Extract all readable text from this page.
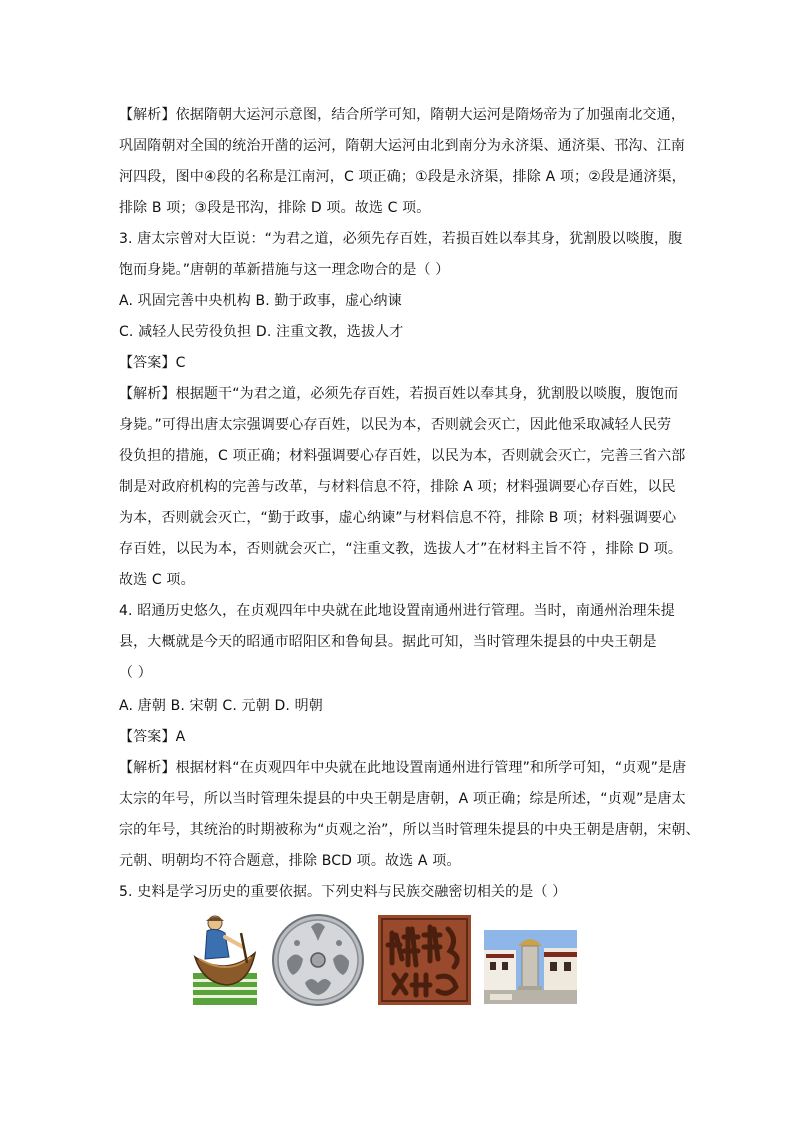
【解析】依据隋朝大运河示意图，结合所学可知，隋朝大运河是隋炀帝为了加强南北交通，
巩固隋朝对全国的统治开凿的运河，隋朝大运河由北到南分为永济渠、通济渠、邗沟、江南
河四段，图中④段的名称是江南河，C 项正确；①段是永济渠，排除 A 项；②段是通济渠，
排除 B 项；③段是邗沟，排除 D 项。故选 C 项。
3. 唐太宗曾对大臣说：“为君之道，必须先存百姓，若损百姓以奉其身，犹割股以啖腹，腹
饱而身毙。”唐朝的革新措施与这一理念吻合的是（ ）
A. 巩固完善中央机构 B. 勤于政事，虚心纳谏
C. 减轻人民劳役负担 D. 注重文教，选拔人才
【答案】C
【解析】根据题干“为君之道，必须先存百姓，若损百姓以奉其身，犹割股以啖腹，腹饱而
身毙。”可得出唐太宗强调要心存百姓，以民为本，否则就会灭亡，因此他采取减轻人民劳
役负担的措施，C 项正确；材料强调要心存百姓，以民为本，否则就会灭亡，完善三省六部
制是对政府机构的完善与改革，与材料信息不符，排除 A 项；材料强调要心存百姓，以民
为本，否则就会灭亡，“勤于政事，虚心纳谏”与材料信息不符，排除 B 项；材料强调要心
存百姓，以民为本，否则就会灭亡，“注重文教，选拔人才”在材料主旨不符 ，排除 D 项。
故选 C 项。
4. 昭通历史悠久，在贞观四年中央就在此地设置南通州进行管理。当时，南通州治理朱提
县，大概就是今天的昭通市昭阳区和鲁甸县。据此可知，当时管理朱提县的中央王朝是
（ ）
A. 唐朝 B. 宋朝 C. 元朝 D. 明朝
【答案】A
【解析】根据材料“在贞观四年中央就在此地设置南通州进行管理”和所学可知，“贞观”是唐
太宗的年号，所以当时管理朱提县的中央王朝是唐朝，A 项正确；综是所述，“贞观”是唐太
宗的年号，其统治的时期被称为“贞观之治”，所以当时管理朱提县的中央王朝是唐朝，宋朝、
元朝、明朝均不符合题意，排除 BCD 项。故选 A 项。
5. 史料是学习历史的重要依据。下列史料与民族交融密切相关的是（ ）
